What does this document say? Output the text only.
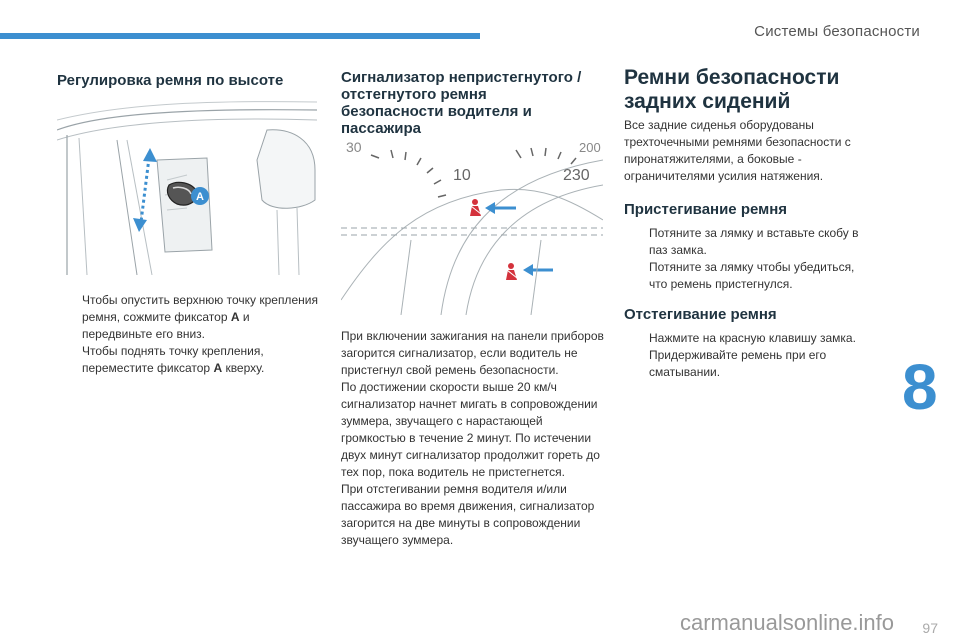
Системы безопасности
Регулировка ремня по высоте
A
Чтобы опустить верхнюю точку крепления ремня, сожмите фиксатор A и передвиньте его вниз.
Чтобы поднять точку крепления, переместите фиксатор A кверху.
Сигнализатор непристегнутого /
отстегнутого ремня
безопасности водителя и
пассажира
30	200
10	230
При включении зажигания на панели приборов загорится сигнализатор, если водитель не пристегнул свой ремень безопасности.
По достижении скорости выше 20 км/ч сигнализатор начнет мигать в сопровождении зуммера, звучащего с нарастающей громкостью в течение 2 минут. По истечении двух минут сигнализатор продолжит гореть до тех пор, пока водитель не пристегнется.
При отстегивании ремня водителя и/или пассажира во время движения, сигнализатор загорится на две минуты в сопровождении звучащего зуммера.
Ремни безопасности
задних сидений
Все задние сиденья оборудованы трехточечными ремнями безопасности с пиронатяжителями, а боковые - ограничителями усилия натяжения.
Пристегивание ремня
Потяните за лямку и вставьте скобу в паз замка.
Потяните за лямку чтобы убедиться, что ремень пристегнулся.
Отстегивание ремня
Нажмите на красную клавишу замка.
Придерживайте ремень при его сматывании.	8
carmanualsonline.info 97
